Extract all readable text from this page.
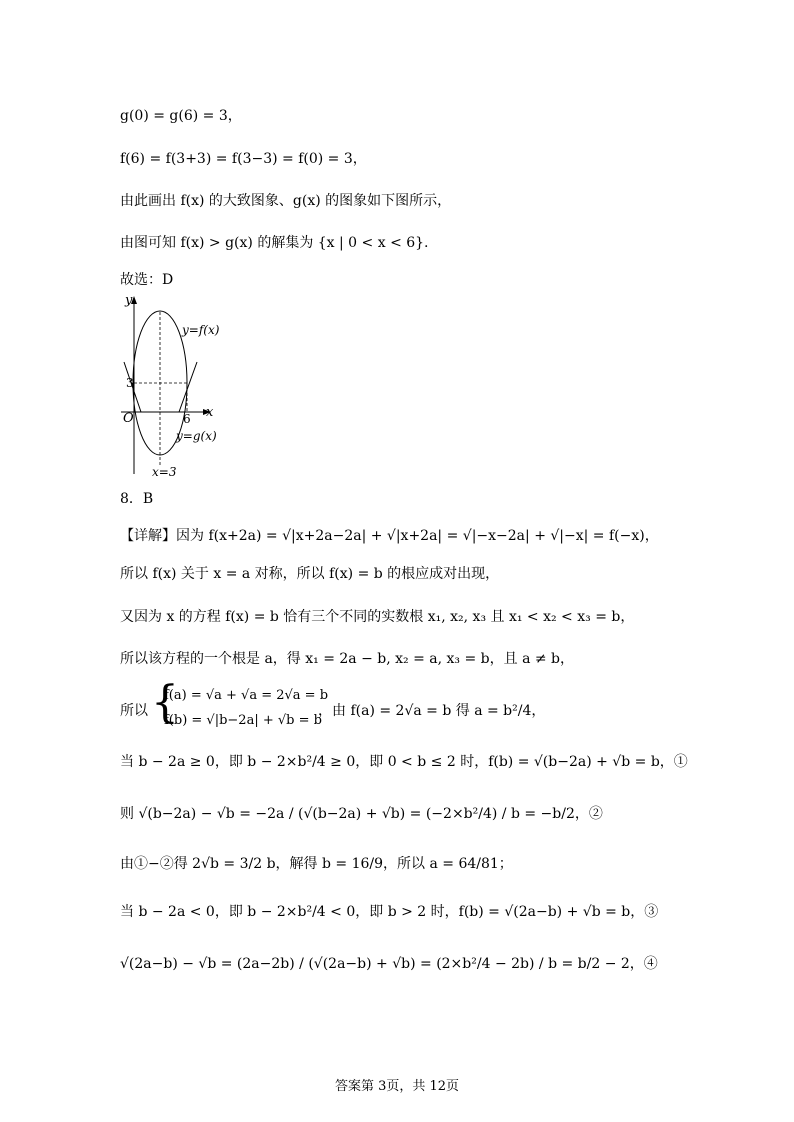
g(0) = g(6) = 3，
f(6) = f(3+3) = f(3−3) = f(0) = 3，
由此画出 f(x) 的大致图象、g(x) 的图象如下图所示，
由图可知 f(x) > g(x) 的解集为 {x | 0 < x < 6}.
故选：D
y
x
O
3
6
y=f(x)
y=g(x)
x=3
8．B
【详解】因为 f(x+2a) = √|x+2a−2a| + √|x+2a| = √|−x−2a| + √|−x| = f(−x)，
所以 f(x) 关于 x = a 对称，所以 f(x) = b 的根应成对出现，
又因为 x 的方程 f(x) = b 恰有三个不同的实数根 x₁, x₂, x₃ 且 x₁ < x₂ < x₃ = b，
所以该方程的一个根是 a，得 x₁ = 2a − b, x₂ = a, x₃ = b，且 a ≠ b，
所以 {
f(a) = √a + √a = 2√a = b
f(b) = √|b−2a| + √b = b
，由 f(a) = 2√a = b 得 a = b²/4，
当 b − 2a ≥ 0，即 b − 2×b²/4 ≥ 0，即 0 < b ≤ 2 时，f(b) = √(b−2a) + √b = b，①
则 √(b−2a) − √b = −2a / (√(b−2a) + √b) = (−2×b²/4) / b = −b/2，②
由①−②得 2√b = 3/2 b，解得 b = 16/9，所以 a = 64/81；
当 b − 2a < 0，即 b − 2×b²/4 < 0，即 b > 2 时，f(b) = √(2a−b) + √b = b，③
√(2a−b) − √b = (2a−2b) / (√(2a−b) + √b) = (2×b²/4 − 2b) / b = b/2 − 2，④
答案第 3页，共 12页
